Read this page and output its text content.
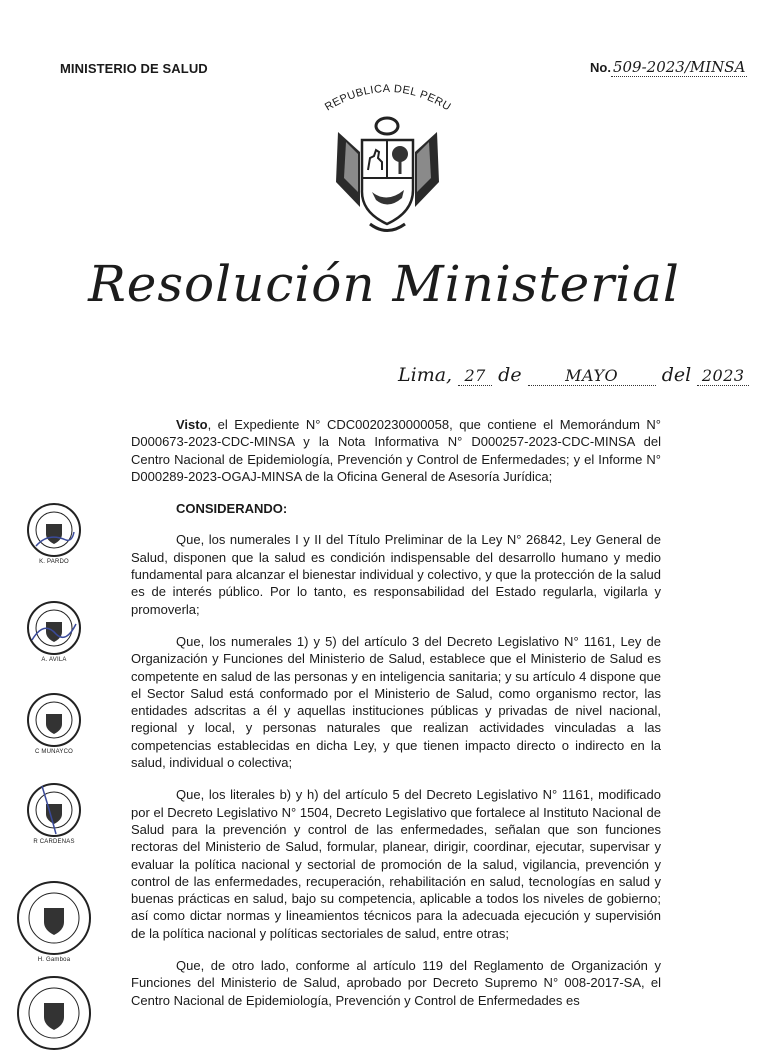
MINISTERIO DE SALUD	No. 509-2023/MINSA
REPUBLICA DEL PERU
Resolución Ministerial
Lima, 27 de	MAYO del 2023

Visto, el Expediente N° CDC0020230000058, que contiene el Memorándum N° D000673-2023-CDC-MINSA y la Nota Informativa N° D000257-2023-CDC-MINSA del Centro Nacional de Epidemiología, Prevención y Control de Enfermedades; y el Informe N° D000289-2023-OGAJ-MINSA de la Oficina General de Asesoría Jurídica;

CONSIDERANDO:

Que, los numerales I y II del Título Preliminar de la Ley N° 26842, Ley General de Salud, disponen que la salud es condición indispensable del desarrollo humano y medio fundamental para alcanzar el bienestar individual y colectivo, y que la protección de la salud es de interés público. Por lo tanto, es responsabilidad del Estado regularla, vigilarla y promoverla;

Que, los numerales 1) y 5) del artículo 3 del Decreto Legislativo N° 1161, Ley de Organización y Funciones del Ministerio de Salud, establece que el Ministerio de Salud es competente en salud de las personas y en inteligencia sanitaria; y su artículo 4 dispone que el Sector Salud está conformado por el Ministerio de Salud, como organismo rector, las entidades adscritas a él y aquellas instituciones públicas y privadas de nivel nacional, regional y local, y personas naturales que realizan actividades vinculadas a las competencias establecidas en dicha Ley, y que tienen impacto directo o indirecto en la salud, individual o colectiva;

Que, los literales b) y h) del artículo 5 del Decreto Legislativo N° 1161, modificado por el Decreto Legislativo N° 1504, Decreto Legislativo que fortalece al Instituto Nacional de Salud para la prevención y control de las enfermedades, señalan que son funciones rectoras del Ministerio de Salud, formular, planear, dirigir, coordinar, ejecutar, supervisar y evaluar la política nacional y sectorial de promoción de la salud, vigilancia, prevención y control de las enfermedades, recuperación, rehabilitación en salud, tecnologías en salud y buenas prácticas en salud, bajo su competencia, aplicable a todos los niveles de gobierno; así como dictar normas y lineamientos técnicos para la adecuada ejecución y supervisión de la política nacional y políticas sectoriales de salud, entre otras;

Que, de otro lado, conforme al artículo 119 del Reglamento de Organización y Funciones del Ministerio de Salud, aprobado por Decreto Supremo N° 008-2017-SA, el Centro Nacional de Epidemiología, Prevención y Control de Enfermedades es

K. PARDO
A. AVILA
C MUNAYCO
R CARDENAS
H. Gamboa
